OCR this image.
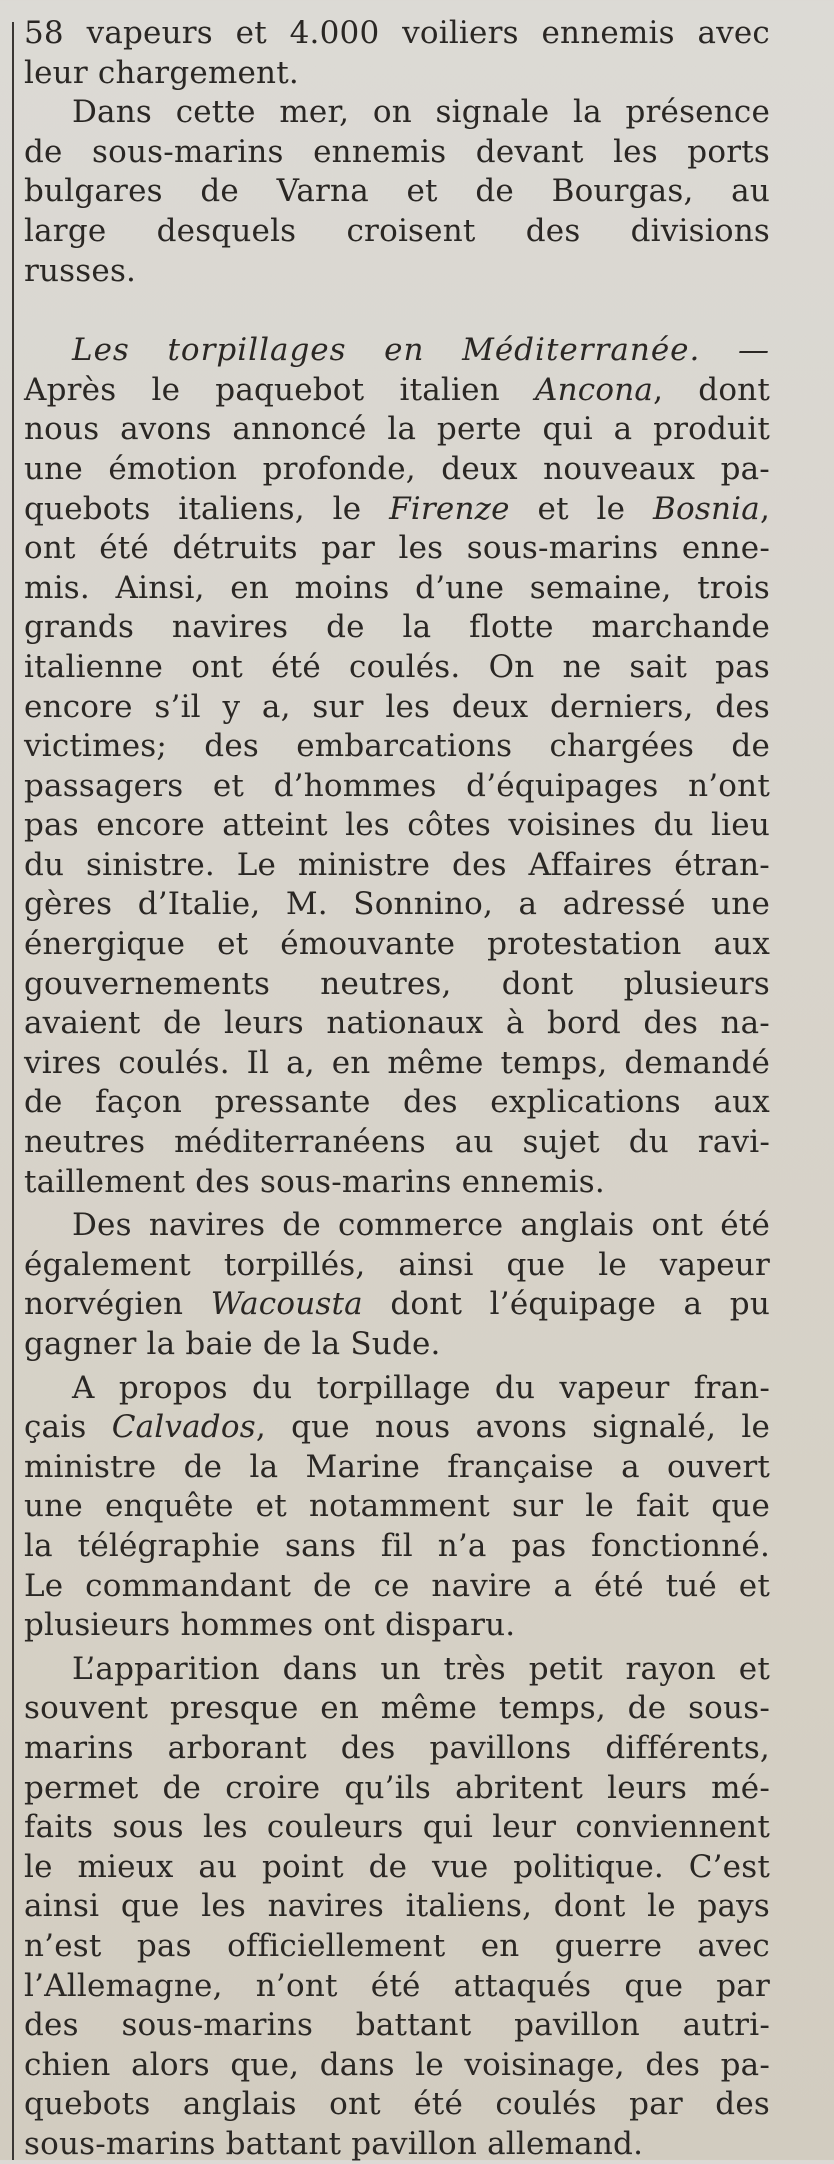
58 vapeurs et 4.000 voiliers ennemis avec
leur chargement.

Dans cette mer, on signale la présence
de sous-marins ennemis devant les ports
bulgares de Varna et de Bourgas, au
large desquels croisent des divisions
russes.

Les torpillages en Méditerranée. —

Après le paquebot italien Ancona, dont
nous avons annoncé la perte qui a produit
une émotion profonde, deux nouveaux pa-
quebots italiens, le Firenze et le Bosnia,
ont été détruits par les sous-marins enne-
mis. Ainsi, en moins d’une semaine, trois
grands navires de la flotte marchande
italienne ont été coulés. On ne sait pas
encore s’il y a, sur les deux derniers, des
victimes; des embarcations chargées de
passagers et d’hommes d’équipages n’ont
pas encore atteint les côtes voisines du lieu
du sinistre. Le ministre des Affaires étran-
gères d’Italie, M. Sonnino, a adressé une
énergique et émouvante protestation aux
gouvernements neutres, dont plusieurs
avaient de leurs nationaux à bord des na-
vires coulés. Il a, en même temps, demandé
de façon pressante des explications aux
neutres méditerranéens au sujet du ravi-
taillement des sous-marins ennemis.
Des navires de commerce anglais ont été
également torpillés, ainsi que le vapeur
norvégien Wacousta dont l’équipage a pu
gagner la baie de la Sude.
A propos du torpillage du vapeur fran-
çais Calvados, que nous avons signalé, le
ministre de la Marine française a ouvert
une enquête et notamment sur le fait que
la télégraphie sans fil n’a pas fonctionné.
Le commandant de ce navire a été tué et
plusieurs hommes ont disparu.
L’apparition dans un très petit rayon et
souvent presque en même temps, de sous-
marins arborant des pavillons différents,
permet de croire qu’ils abritent leurs mé-
faits sous les couleurs qui leur conviennent
le mieux au point de vue politique. C’est
ainsi que les navires italiens, dont le pays
n’est pas officiellement en guerre avec
l’Allemagne, n’ont été attaqués que par
des sous-marins battant pavillon autri-
chien alors que, dans le voisinage, des pa-
quebots anglais ont été coulés par des
sous-marins battant pavillon allemand.
